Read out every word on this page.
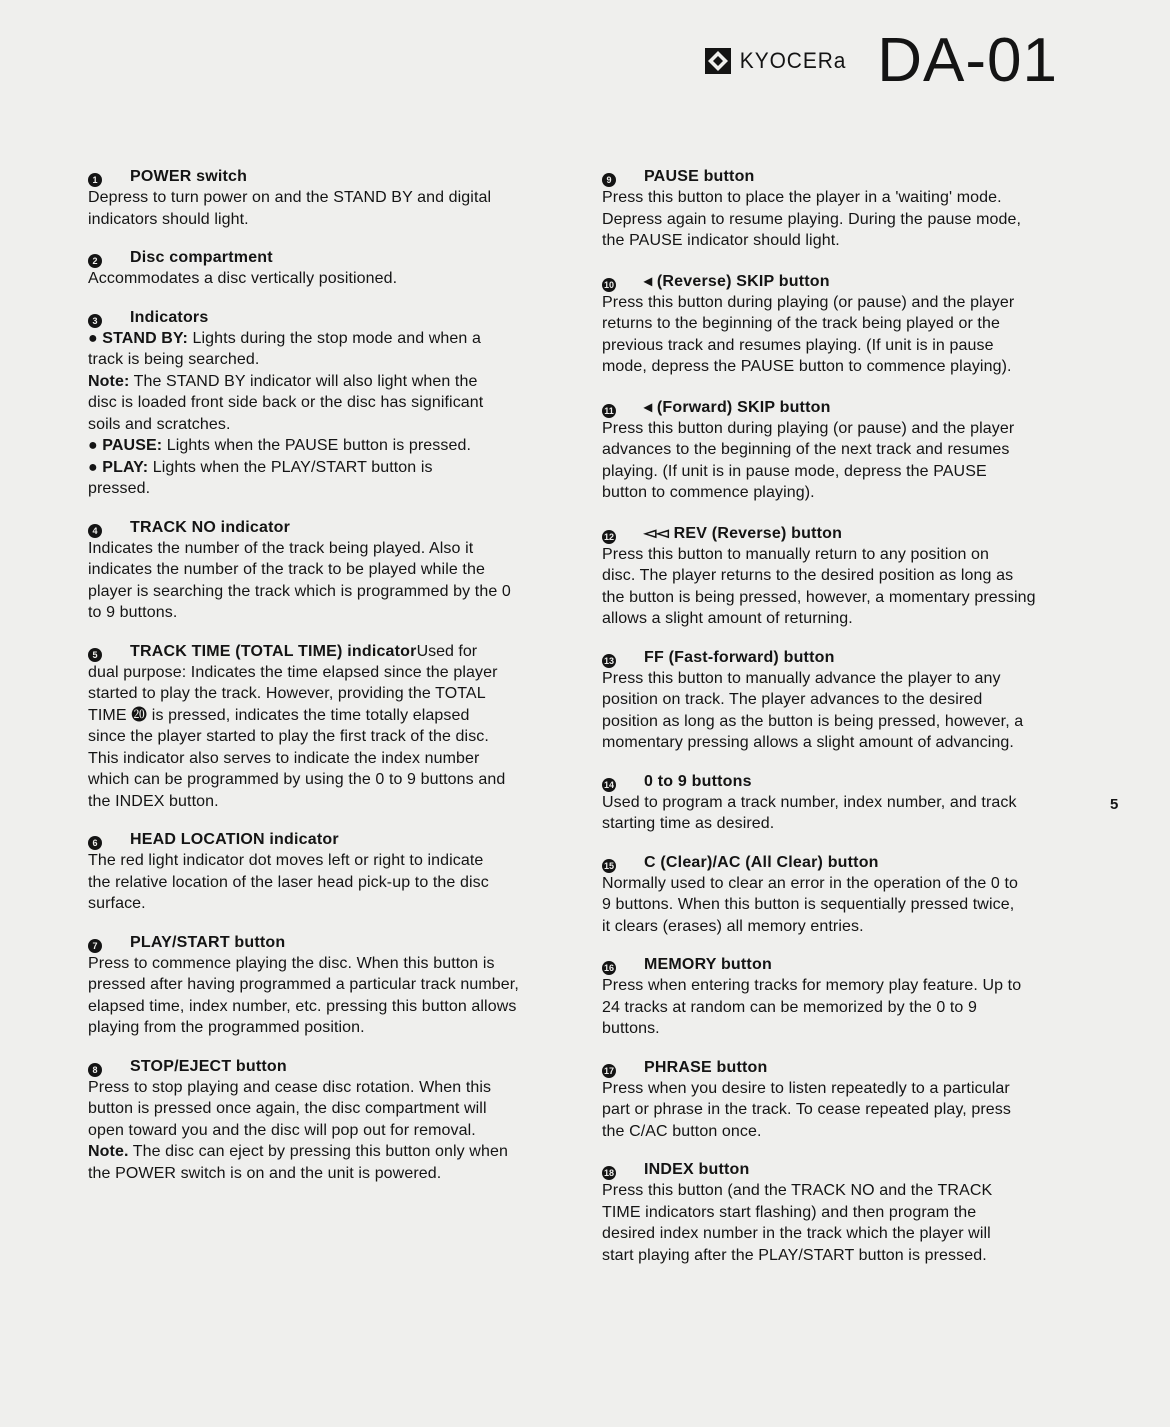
KYOCERa DA-01
1 POWER switch
Depress to turn power on and the STAND BY and digital
indicators should light.
2 Disc compartment
Accommodates a disc vertically positioned.
3 Indicators
● STAND BY: Lights during the stop mode and when a
track is being searched.
Note: The STAND BY indicator will also light when the
disc is loaded front side back or the disc has significant
soils and scratches.
● PAUSE: Lights when the PAUSE button is pressed.
● PLAY: Lights when the PLAY/START button is
pressed.
4 TRACK NO indicator
Indicates the number of the track being played. Also it
indicates the number of the track to be played while the
player is searching the track which is programmed by the 0
to 9 buttons.
5 TRACK TIME (TOTAL TIME) indicator Used for
dual purpose: Indicates the time elapsed since the player
started to play the track. However, providing the TOTAL
TIME ⓴ is pressed, indicates the time totally elapsed
since the player started to play the first track of the disc.
This indicator also serves to indicate the index number
which can be programmed by using the 0 to 9 buttons and
the INDEX button.
6 HEAD LOCATION indicator
The red light indicator dot moves left or right to indicate
the relative location of the laser head pick-up to the disc
surface.
7 PLAY/START button
Press to commence playing the disc. When this button is
pressed after having programmed a particular track number,
elapsed time, index number, etc. pressing this button allows
playing from the programmed position.
8 STOP/EJECT button
Press to stop playing and cease disc rotation. When this
button is pressed once again, the disc compartment will
open toward you and the disc will pop out for removal.
Note. The disc can eject by pressing this button only when
the POWER switch is on and the unit is powered.
9 PAUSE button
Press this button to place the player in a 'waiting' mode.
Depress again to resume playing. During the pause mode,
the PAUSE indicator should light.
10 ◂ (Reverse) SKIP button
Press this button during playing (or pause) and the player
returns to the beginning of the track being played or the
previous track and resumes playing. (If unit is in pause
mode, depress the PAUSE button to commence playing).
11 ◂ (Forward) SKIP button
Press this button during playing (or pause) and the player
advances to the beginning of the next track and resumes
playing. (If unit is in pause mode, depress the PAUSE
button to commence playing).
12 ◅◅ REV (Reverse) button
Press this button to manually return to any position on
disc. The player returns to the desired position as long as
the button is being pressed, however, a momentary pressing
allows a slight amount of returning.
13 FF (Fast-forward) button
Press this button to manually advance the player to any
position on track. The player advances to the desired
position as long as the button is being pressed, however, a
momentary pressing allows a slight amount of advancing.
14 0 to 9 buttons
Used to program a track number, index number, and track
starting time as desired.
15 C (Clear)/AC (All Clear) button
Normally used to clear an error in the operation of the 0 to
9 buttons. When this button is sequentially pressed twice,
it clears (erases) all memory entries.
16 MEMORY button
Press when entering tracks for memory play feature. Up to
24 tracks at random can be memorized by the 0 to 9
buttons.
17 PHRASE button
Press when you desire to listen repeatedly to a particular
part or phrase in the track. To cease repeated play, press
the C/AC button once.
18 INDEX button
Press this button (and the TRACK NO and the TRACK
TIME indicators start flashing) and then program the
desired index number in the track which the player will
start playing after the PLAY/START button is pressed.
5
